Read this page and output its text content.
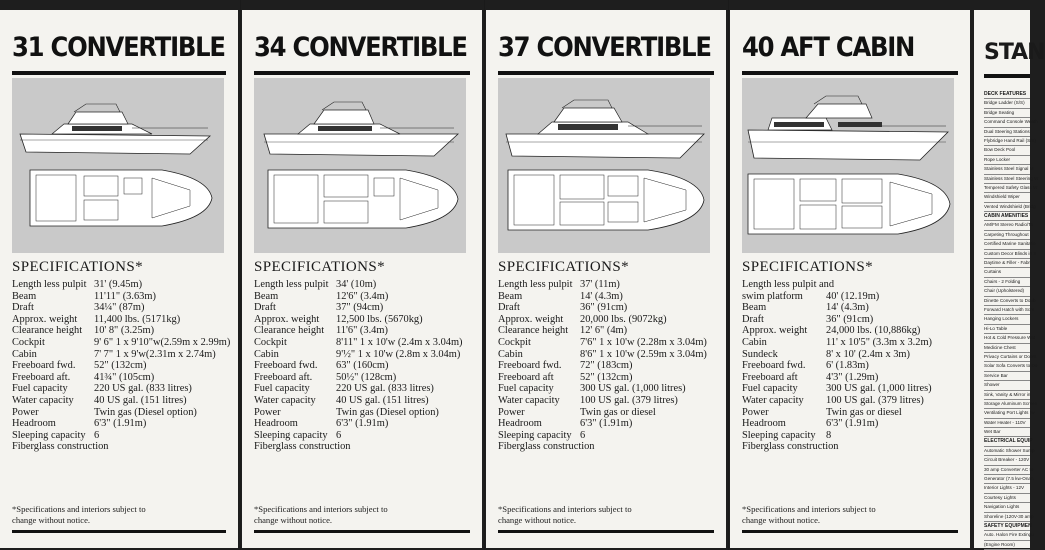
31 CONVERTIBLE
SPECIFICATIONS*
Length less pulpit 31' (9.45m)
Beam	11'11" (3.63m)
Draft	34¼" (87m)
Approx. weight	11,400 lbs. (5171kg)
Clearance height	10' 8" (3.25m)
Cockpit	9' 6" 1 x 9'10"w(2.59m x 2.99m)
Cabin	7' 7" 1 x 9'w(2.31m x 2.74m)
Freeboard fwd.	52" (132cm)
Freeboard aft.	41¾" (105cm)
Fuel capacity	220 US gal. (833 litres)
Water capacity	40 US gal. (151 litres)
Power	Twin gas (Diesel option)
Headroom	6'3" (1.91m)
Sleeping capacity 6
Fiberglass construction
*Specifications and interiors subject to
change without notice.
34 CONVERTIBLE
SPECIFICATIONS*
Length less pulpit 34' (10m)
Beam	12'6" (3.4m)
Draft	37" (94cm)
Approx. weight	12,500 lbs. (5670kg)
Clearance height	11'6" (3.4m)
Cockpit	8'11" 1 x 10'w (2.4m x 3.04m)
Cabin	9'½" 1 x 10'w (2.8m x 3.04m)
Freeboard fwd.	63" (160cm)
Freeboard aft.	50½" (128cm)
Fuel capacity	220 US gal. (833 litres)
Water capacity	40 US gal. (151 litres)
Power	Twin gas (Diesel option)
Headroom	6'3" (1.91m)
Sleeping capacity 6
Fiberglass construction
*Specifications and interiors subject to
change without notice.
37 CONVERTIBLE
SPECIFICATIONS*
Length less pulpit 37' (11m)
Beam	14' (4.3m)
Draft	36" (91cm)
Approx. weight	20,000 lbs. (9072kg)
Clearance height	12' 6" (4m)
Cockpit	7'6" 1 x 10'w (2.28m x 3.04m)
Cabin	8'6" 1 x 10'w (2.59m x 3.04m)
Freeboard fwd.	72" (183cm)
Freeboard aft	52" (132cm)
Fuel capacity	300 US gal. (1,000 litres)
Water capacity	100 US gal. (379 litres)
Power	Twin gas or diesel
Headroom	6'3" (1.91m)
Sleeping capacity 6
Fiberglass construction
*Specifications and interiors subject to
change without notice.
40 AFT CABIN
SPECIFICATIONS*
Length less pulpit and
swim platform	40' (12.19m)
Beam	14' (4.3m)
Draft	36" (91cm)
Approx. weight	24,000 lbs. (10,886kg)
Cabin	11' x 10'5" (3.3m x 3.2m)
Sundeck	8' x 10' (2.4m x 3m)
Freeboard fwd.	6' (1.83m)
Freeboard aft	4'3" (1.29m)
Fuel capacity	300 US gal. (1,000 litres)
Water capacity	100 US gal. (379 litres)
Power	Twin gas or diesel
Headroom	6'3" (1.91m)
Sleeping capacity	8
Fiberglass construction
*Specifications and interiors subject to
change without notice.
STAN
DECK FEATURES
Bridge Ladder (S/S)
Bridge Seating
Command Console Weath
Dual Steering Stations
Flybridge Hand Rail (S/S)
Bow Deck Pool
Rope Locker
Stainless Steel Signal M
Stainless Steel Steering W
Tempered Safety Glass W
Windshield Wiper
Vented Windshield (Bridg
CABIN AMENITIES
AM/FM Stereo Radio/Ta
Carpeting Throughout
Certified Marine Sanitatio
Custom Decor Blinds in S
Daytime & Filler - Fabr
Curtains
Chairs - 2 Folding
Chair (Upholstered)
Dinette Converts to Doub
Forward Hatch with Scre
Hanging Lockers
Hi-Lo Table
Hot & Cold Pressure Wat
Medicine Chest
Privacy Curtains or Doors
Solar Sofa Converts to Do
Service Bar
Shower
Sink, Vanity & Mirror in
Storage Aluminum Screen
Ventilating Port Lights (w
Water Heater - 110V
Wet Bar
ELECTRICAL EQUIP
Automatic Shower Sump
Circuit Breaker - 120V
30 amp Converter AC to
Generator (7.5 kw-Onan
Interior Lights - 12V
Courtesy Lights
Navigation Lights
Shoreline (120V-30 amp
SAFETY EQUIPMEN
Auto. Halon Fire Extingu
(Engine Room)
